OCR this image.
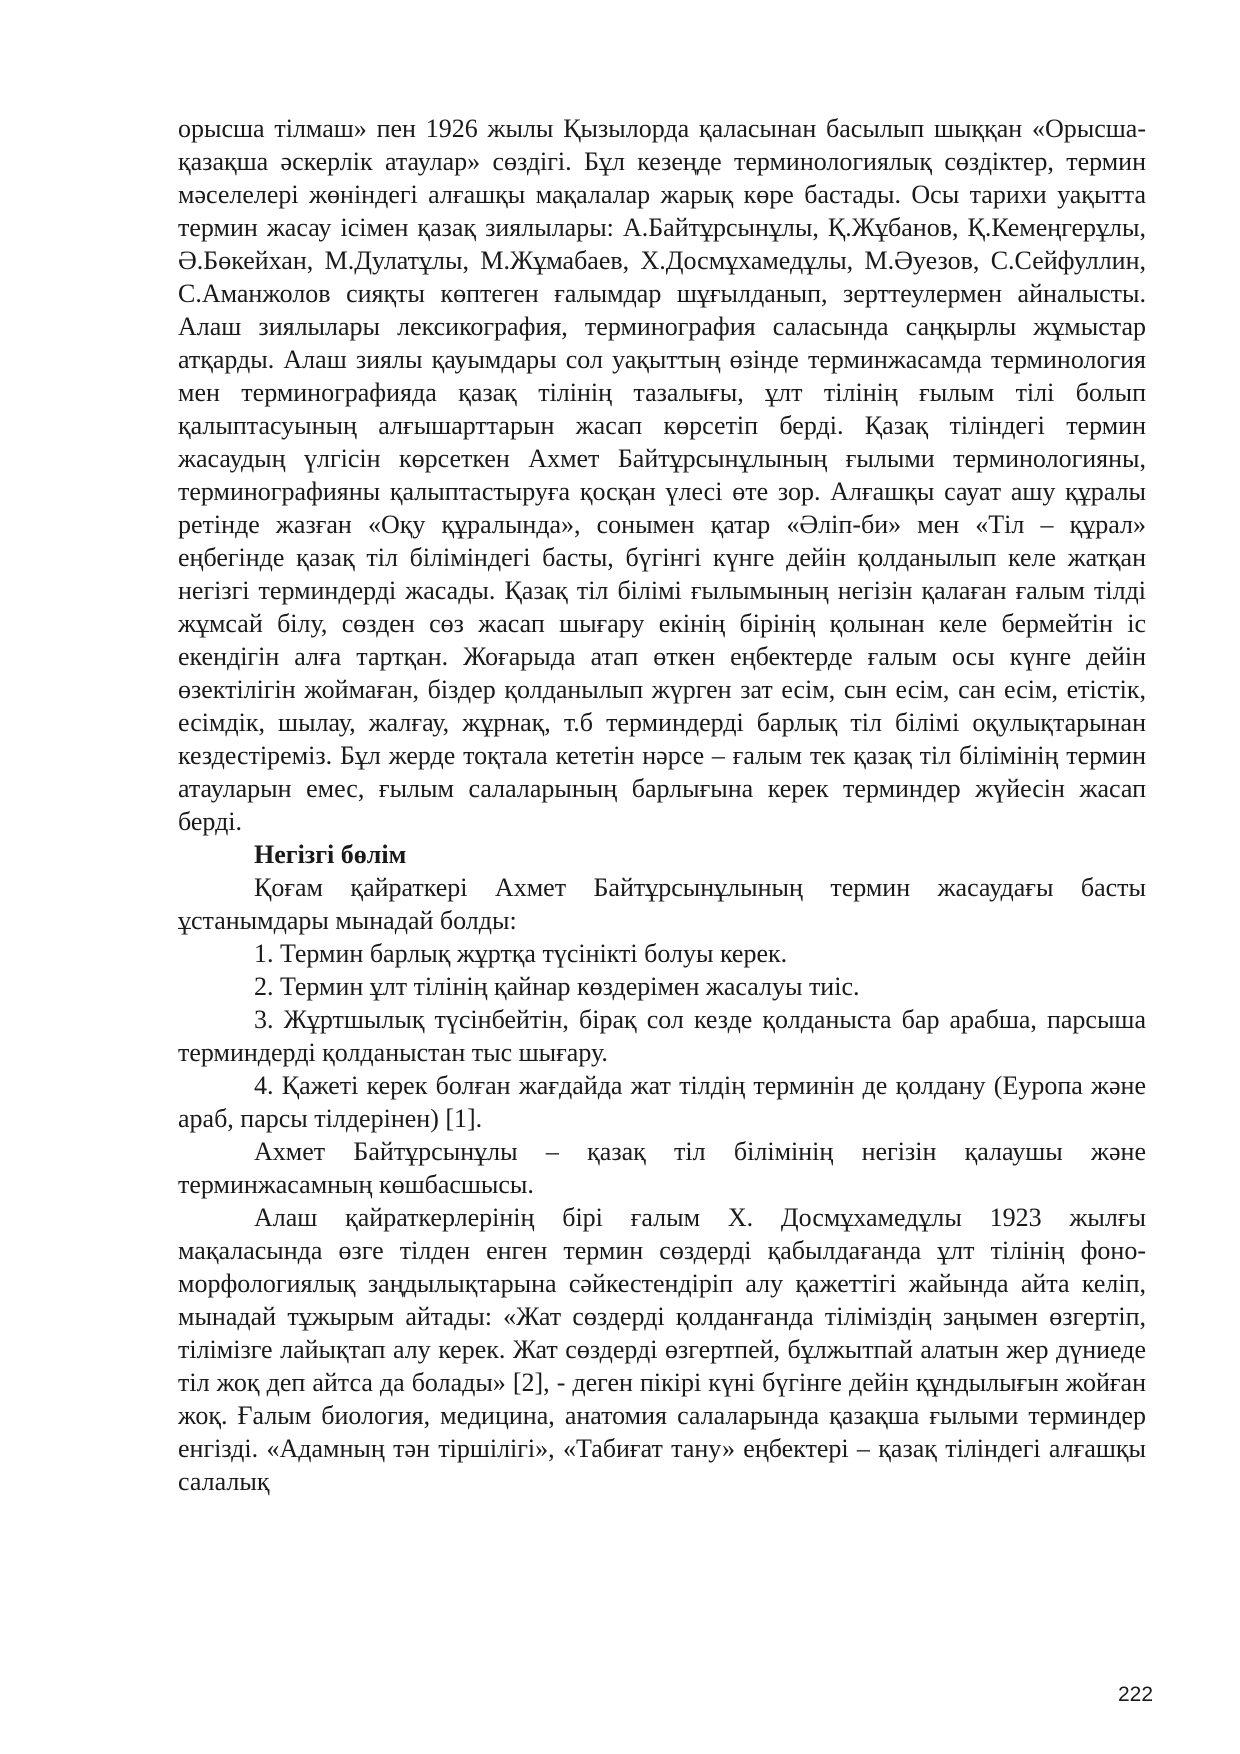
орысша тілмаш» пен 1926 жылы Қызылорда қаласынан басылып шыққан «Орысша-қазақша әскерлік атаулар» сөздігі. Бұл кезеңде терминологиялық сөздіктер, термин мәселелері жөніндегі алғашқы мақалалар жарық көре бастады. Осы тарихи уақытта термин жасау ісімен қазақ зиялылары: А.Байтұрсынұлы, Қ.Жұбанов, Қ.Кемеңгерұлы, Ә.Бөкейхан, М.Дулатұлы, М.Жұмабаев, Х.Досмұхамедұлы, М.Әуезов, С.Сейфуллин, С.Аманжолов сияқты көптеген ғалымдар шұғылданып, зерттеулермен айналысты. Алаш зиялылары лексикография, терминография саласында саңқырлы жұмыстар атқарды. Алаш зиялы қауымдары сол уақыттың өзінде терминжасамда терминология мен терминографияда қазақ тілінің тазалығы, ұлт тілінің ғылым тілі болып қалыптасуының алғышарттарын жасап көрсетіп берді. Қазақ тіліндегі термин жасаудың үлгісін көрсеткен Ахмет Байтұрсынұлының ғылыми терминологияны, терминографияны қалыптастыруға қосқан үлесі өте зор. Алғашқы сауат ашу құралы ретінде жазған «Оқу құралында», сонымен қатар «Әліп-би» мен «Тіл – құрал» еңбегінде қазақ тіл біліміндегі басты, бүгінгі күнге дейін қолданылып келе жатқан негізгі терминдерді жасады. Қазақ тіл білімі ғылымының негізін қалаған ғалым тілді жұмсай білу, сөзден сөз жасап шығару екінің бірінің қолынан келе бермейтін іс екендігін алға тартқан. Жоғарыда атап өткен еңбектерде ғалым осы күнге дейін өзектілігін жоймаған, біздер қолданылып жүрген зат есім, сын есім, сан есім, етістік, есімдік, шылау, жалғау, жұрнақ, т.б терминдерді барлық тіл білімі оқулықтарынан кездестіреміз. Бұл жерде тоқтала кететін нәрсе – ғалым тек қазақ тіл білімінің термин атауларын емес, ғылым салаларының барлығына керек терминдер жүйесін жасап берді.

Негізгі бөлім

Қоғам қайраткері Ахмет Байтұрсынұлының термин жасаудағы басты ұстанымдары мынадай болды:

1. Термин барлық жұртқа түсінікті болуы керек.

2. Термин ұлт тілінің қайнар көздерімен жасалуы тиіс.

3. Жұртшылық түсінбейтін, бірақ сол кезде қолданыста бар арабша, парсыша терминдерді қолданыстан тыс шығару.

4. Қажеті керек болған жағдайда жат тілдің терминін де қолдану (Еуропа және араб, парсы тілдерінен) [1].

Ахмет Байтұрсынұлы – қазақ тіл білімінің негізін қалаушы және терминжасамның көшбасшысы.

Алаш қайраткерлерінің бірі ғалым Х. Досмұхамедұлы 1923 жылғы мақаласында өзге тілден енген термин сөздерді қабылдағанда ұлт тілінің фоно-морфологиялық заңдылықтарына сәйкестендіріп алу қажеттігі жайында айта келіп, мынадай тұжырым айтады: «Жат сөздерді қолданғанда тіліміздің заңымен өзгертіп, тілімізге лайықтап алу керек. Жат сөздерді өзгертпей, бұлжытпай алатын жер дүниеде тіл жоқ деп айтса да болады» [2], - деген пікірі күні бүгінге дейін құндылығын жойған жоқ. Ғалым биология, медицина, анатомия салаларында қазақша ғылыми терминдер енгізді. «Адамның тән тіршілігі», «Табиғат тану» еңбектері – қазақ тіліндегі алғашқы салалық

222
